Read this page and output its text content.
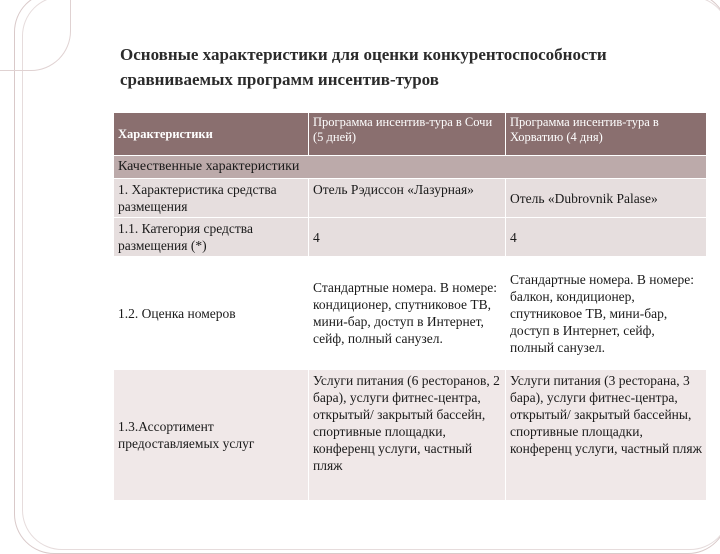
Основные характеристики для оценки конкурентоспособности
сравниваемых программ инсентив-туров
Характеристики	Программа инсентив-тура в Сочи (5 дней)	Программа инсентив-тура в Хорватию (4 дня)
Качественные характеристики		
1. Характеристика средства размещения	Отель Рэдиссон «Лазурная»	Отель «Dubrovnik Palase»
1.1. Категория средства размещения (*)	4	4
1.2. Оценка номеров	Стандартные номера. В номере: кондиционер, спутниковое ТВ, мини-бар, доступ в Интернет, сейф, полный санузел.	Стандартные номера. В номере: балкон, кондиционер, спутниковое ТВ, мини-бар, доступ в Интернет, сейф, полный санузел.
1.3.Ассортимент предоставляемых услуг	Услуги питания (6 ресторанов, 2 бара), услуги фитнес-центра, открытый/ закрытый бассейн, спортивные площадки, конференц услуги, частный пляж	Услуги питания (3 ресторана, 3 бара), услуги фитнес-центра, открытый/ закрытый бассейны, спортивные площадки, конференц услуги, частный пляж
